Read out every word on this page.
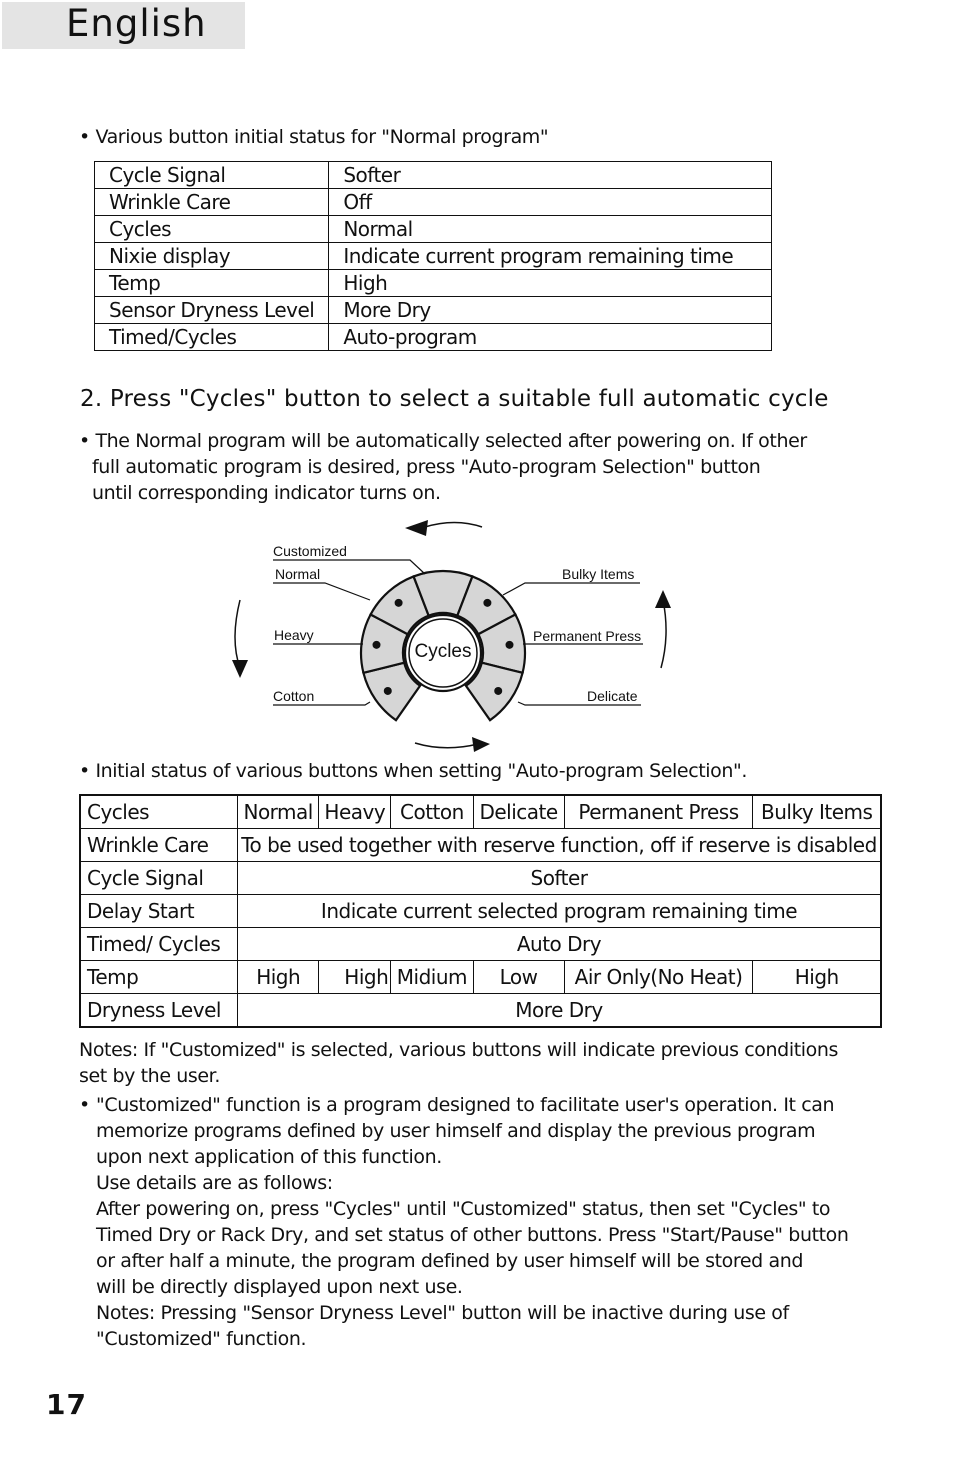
English
• Various button initial status for "Normal program"
Cycle Signal	Softer
Wrinkle Care	Off
Cycles	Normal
Nixie display	Indicate current program remaining time
Temp	High
Sensor Dryness Level	More Dry
Timed/Cycles	Auto-program
2. Press "Cycles" button to select a suitable full automatic cycle
• The Normal program will be automatically selected after powering on. If other
full automatic program is desired, press "Auto-program Selection" button
until corresponding indicator turns on.
Customized
Normal
Heavy
Cotton
Bulky Items
Permanent Press
Delicate
Cycles
• Initial status of various buttons when setting "Auto-program Selection".
Cycles	Normal	Heavy	Cotton	Delicate	Permanent Press	Bulky Items
Wrinkle Care	To be used together with reserve function, off if reserve is disabled					
Cycle Signal	Softer					
Delay Start	Indicate current selected program remaining time					
Timed/ Cycles	Auto Dry					
Temp	High	High	Midium	Low	Air Only(No Heat)	High
Dryness Level	More Dry					
Notes: If "Customized" is selected, various buttons will indicate previous conditions
set by the user.
• "Customized" function is a program designed to facilitate user's operation. It can
memorize programs defined by user himself and display the previous program
upon next application of this function.
Use details are as follows:
After powering on, press "Cycles" until "Customized" status, then set "Cycles" to
Timed Dry or Rack Dry, and set status of other buttons. Press "Start/Pause" button
or after half a minute, the program defined by user himself will be stored and
will be directly displayed upon next use.
Notes: Pressing "Sensor Dryness Level" button will be inactive during use of
"Customized" function.
17
